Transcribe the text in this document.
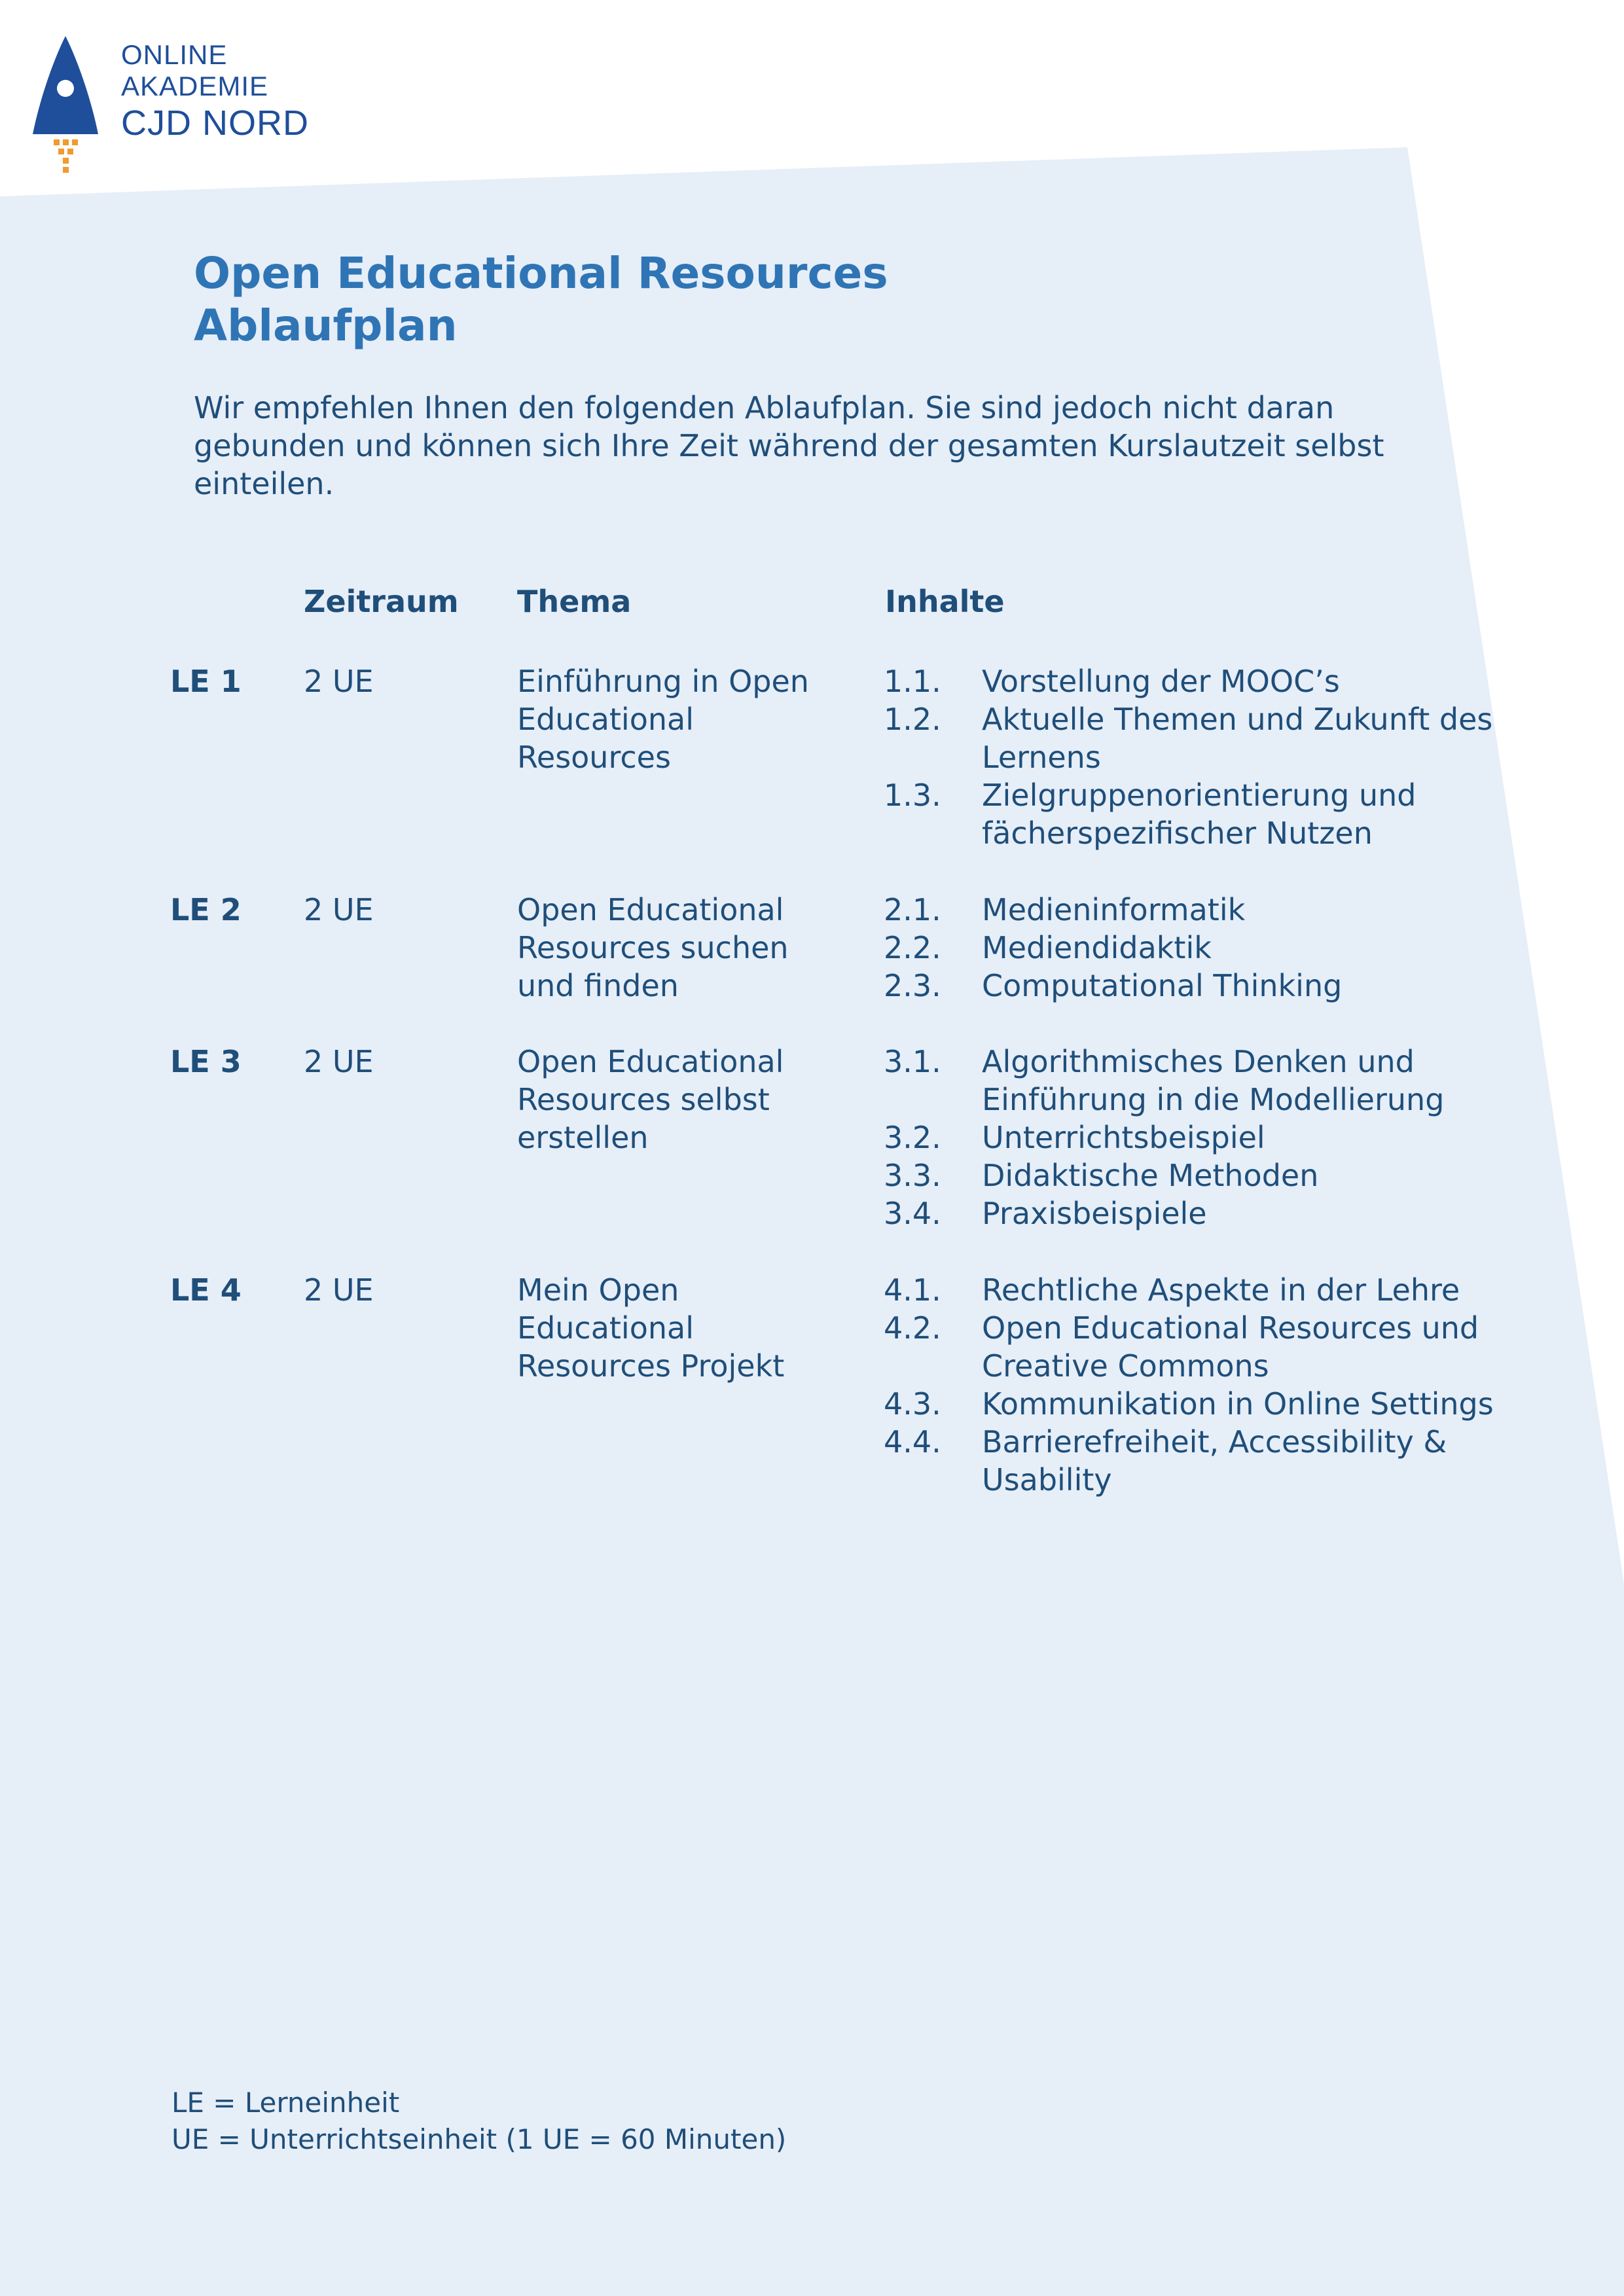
ONLINE
AKADEMIE
CJD NORD
Open Educational Resources
Ablaufplan

Wir empfehlen Ihnen den folgenden Ablaufplan. Sie sind jedoch nicht daran gebunden und können sich Ihre Zeit während der gesamten Kurslautzeit selbst einteilen.

Zeitraum Thema	Inhalte
LE 1 2 UE	Einführung in Open Educational Resources
1.1. Vorstellung der MOOC’s
1.2. Aktuelle Themen und Zukunft des Lernens
1.3. Zielgruppenorientierung und fächerspezifischer Nutzen
LE 2 2 UE	Open Educational Resources suchen und finden
2.1. Medieninformatik
2.2. Mediendidaktik
2.3. Computational Thinking
LE 3 2 UE	Open Educational Resources selbst erstellen
3.1. Algorithmisches Denken und Einführung in die Modellierung
3.2. Unterrichtsbeispiel
3.3. Didaktische Methoden
3.4. Praxisbeispiele
LE 4 2 UE	Mein Open Educational Resources Projekt
4.1. Rechtliche Aspekte in der Lehre
4.2. Open Educational Resources und Creative Commons
4.3. Kommunikation in Online Settings
4.4. Barrierefreiheit, Accessibility & Usability
LE = Lerneinheit
UE = Unterrichtseinheit (1 UE = 60 Minuten)
